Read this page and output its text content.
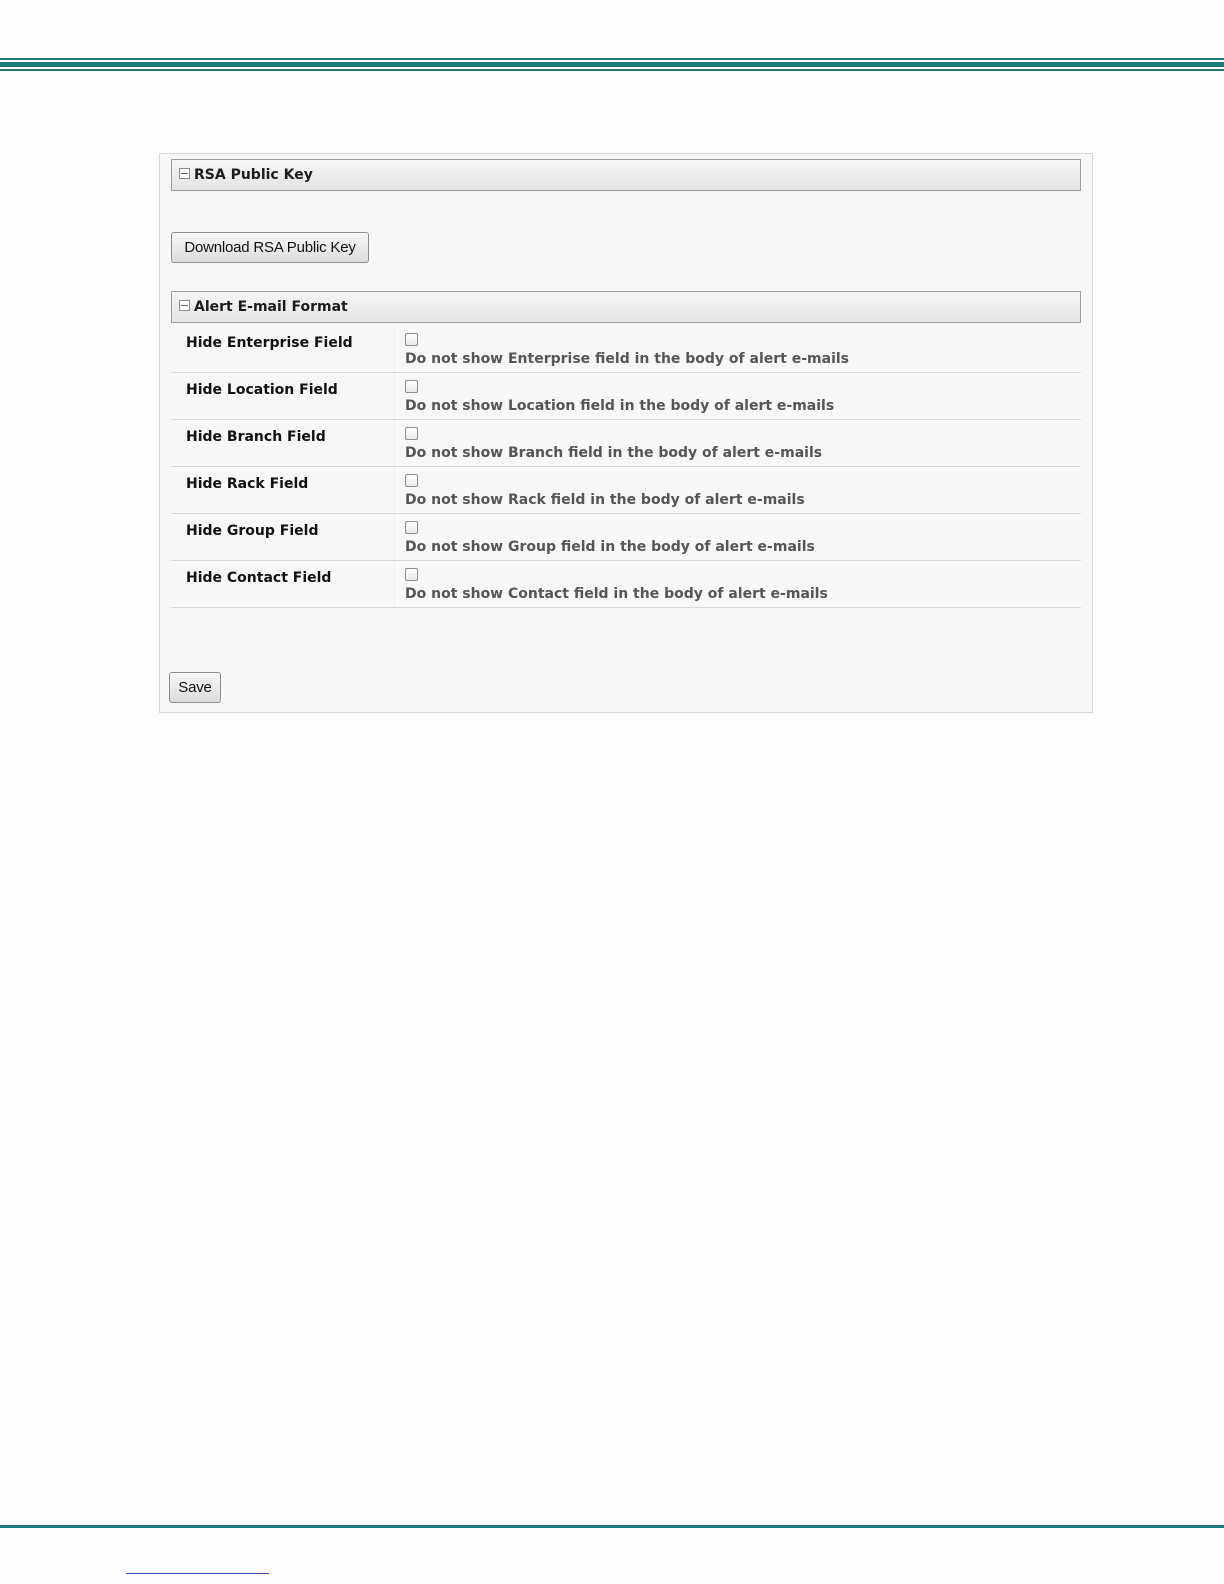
RSA Public Key
Download RSA Public Key
Alert E-mail Format
Hide Enterprise Field
Do not show Enterprise field in the body of alert e-mails
Hide Location Field
Do not show Location field in the body of alert e-mails
Hide Branch Field
Do not show Branch field in the body of alert e-mails
Hide Rack Field
Do not show Rack field in the body of alert e-mails
Hide Group Field
Do not show Group field in the body of alert e-mails
Hide Contact Field
Do not show Contact field in the body of alert e-mails
Save
